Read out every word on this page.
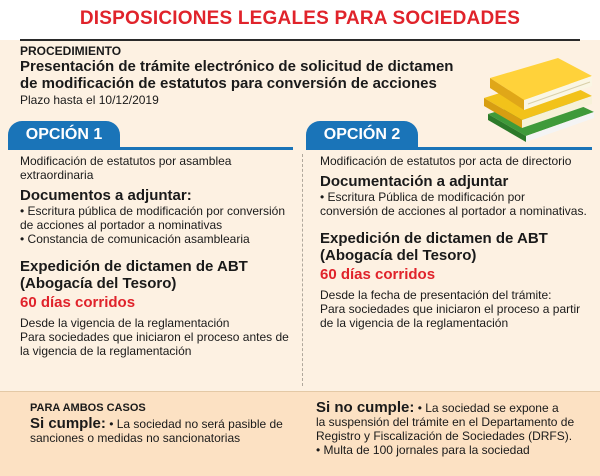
DISPOSICIONES LEGALES PARA SOCIEDADES
PROCEDIMIENTO
Presentación de trámite electrónico de solicitud de dictamen
de modificación de estatutos para conversión de acciones
Plazo hasta el 10/12/2019
OPCIÓN 1	OPCIÓN 2
Modificación de estatutos por asamblea
extraordinaria
Documentos a adjuntar:
• Escritura pública de modificación por conversión
de acciones al portador a nominativas
• Constancia de comunicación asamblearia
Expedición de dictamen de ABT
(Abogacía del Tesoro)
60 días corridos
Desde la vigencia de la reglamentación
Para sociedades que iniciaron el proceso antes de
la vigencia de la reglamentación
Modificación de estatutos por acta de directorio
Documentación a adjuntar
• Escritura Pública de modificación por
conversión de acciones al portador a nominativas.
Expedición de dictamen de ABT
(Abogacía del Tesoro)
60 días corridos
Desde la fecha de presentación del trámite:
Para sociedades que iniciaron el proceso a partir
de la vigencia de la reglamentación
PARA AMBOS CASOS
Si cumple: • La sociedad no será pasible de
sanciones o medidas no sancionatorias
Si no cumple: • La sociedad se expone a
la suspensión del trámite en el Departamento de
Registro y Fiscalización de Sociedades (DRFS).
• Multa de 100 jornales para la sociedad
